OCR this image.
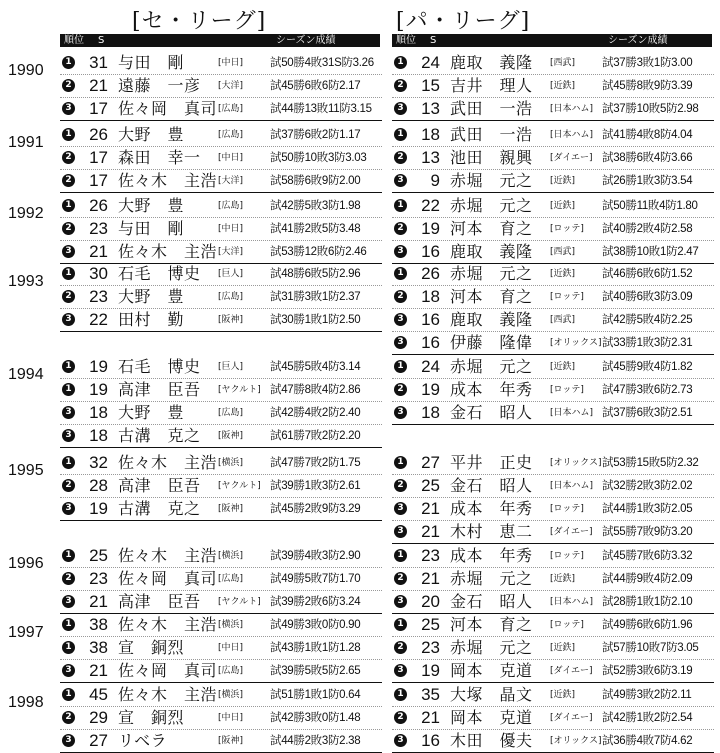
[セ・リーグ]	[パ・リーグ]
順位 S	シーズン成績	順位 S	シーズン成績
1990	1	31 与田　剛	[中日] 試50勝4敗31S防3.26
2	21 遠藤　一彦 [大洋] 試45勝6敗6防2.17
3	17 佐々岡　真司 [広島] 試44勝13敗11防3.15
1991	1	26 大野　豊	[広島] 試37勝6敗2防1.17
2	17 森田　幸一 [中日] 試50勝10敗3防3.03
2	17 佐々木　主浩 [大洋] 試58勝6敗9防2.00
1992	1	26 大野　豊	[広島] 試42勝5敗3防1.98
2	23 与田　剛	[中日] 試41勝2敗5防3.48
3	21 佐々木　主浩 [大洋] 試53勝12敗6防2.46
1993	1	30 石毛　博史 [巨人] 試48勝6敗5防2.96
2	23 大野　豊	[広島] 試31勝3敗1防2.37
3	22 田村　勤	[阪神] 試30勝1敗1防2.50
1994	1	19 石毛　博史 [巨人] 試45勝5敗4防3.14
1	19 高津　臣吾 [ヤクルト] 試47勝8敗4防2.86
3	18 大野　豊	[広島] 試42勝4敗2防2.40
3	18 古溝　克之 [阪神] 試61勝7敗2防2.20
1995	1	32 佐々木　主浩 [横浜] 試47勝7敗2防1.75
2	28 高津　臣吾 [ヤクルト] 試39勝1敗3防2.61
3	19 古溝　克之 [阪神] 試45勝2敗9防3.29
1996	1	25 佐々木　主浩 [横浜] 試39勝4敗3防2.90
2	23 佐々岡　真司 [広島] 試49勝5敗7防1.70
3	21 高津　臣吾 [ヤクルト] 試39勝2敗6防3.24
1997	1	38 佐々木　主浩 [横浜] 試49勝3敗0防0.90
1	38 宣　銅烈	[中日] 試43勝1敗1防1.28
3	21 佐々岡　真司 [広島] 試39勝5敗5防2.65
1998	1	45 佐々木　主浩 [横浜] 試51勝1敗1防0.64
2	29 宣　銅烈	[中日] 試42勝3敗0防1.48
3	27 リベラ	[阪神] 試44勝2敗3防2.38
1	24 鹿取　義隆 [西武] 試37勝3敗1防3.00
2	15 吉井　理人 [近鉄] 試45勝8敗9防3.39
3	13 武田　一浩 [日本ハム] 試37勝10敗5防2.98
1	18 武田　一浩 [日本ハム] 試41勝4敗8防4.04
2	13 池田　親興 [ダイエー] 試38勝6敗4防3.66
3	9 赤堀　元之 [近鉄] 試26勝1敗3防3.54
1	22 赤堀　元之 [近鉄] 試50勝11敗4防1.80
2	19 河本　育之 [ロッテ] 試40勝2敗4防2.58
3	16 鹿取　義隆 [西武] 試38勝10敗1防2.47
1	26 赤堀　元之 [近鉄] 試46勝6敗6防1.52
2	18 河本　育之 [ロッテ] 試40勝6敗3防3.09
3	16 鹿取　義隆 [西武] 試42勝5敗4防2.25
3	16 伊藤　隆偉 [オリックス] 試33勝1敗3防2.31
1	24 赤堀　元之 [近鉄] 試45勝9敗4防1.82
2	19 成本　年秀 [ロッテ] 試47勝3敗6防2.73
3	18 金石　昭人 [日本ハム] 試37勝6敗3防2.51
1	27 平井　正史 [オリックス] 試53勝15敗5防2.32
2	25 金石　昭人 [日本ハム] 試32勝2敗3防2.02
3	21 成本　年秀 [ロッテ] 試44勝1敗3防2.05
3	21 木村　恵二 [ダイエー] 試55勝7敗9防3.20
1	23 成本　年秀 [ロッテ] 試45勝7敗6防3.32
2	21 赤堀　元之 [近鉄] 試44勝9敗4防2.09
3	20 金石　昭人 [日本ハム] 試28勝1敗1防2.10
1	25 河本　育之 [ロッテ] 試49勝6敗6防1.96
2	23 赤堀　元之 [近鉄] 試57勝10敗7防3.05
3	19 岡本　克道 [ダイエー] 試52勝3敗6防3.19
1	35 大塚　晶文 [近鉄] 試49勝3敗2防2.11
2	21 岡本　克道 [ダイエー] 試42勝1敗2防2.54
3	16 木田　優夫 [オリックス] 試36勝4敗7防4.62
